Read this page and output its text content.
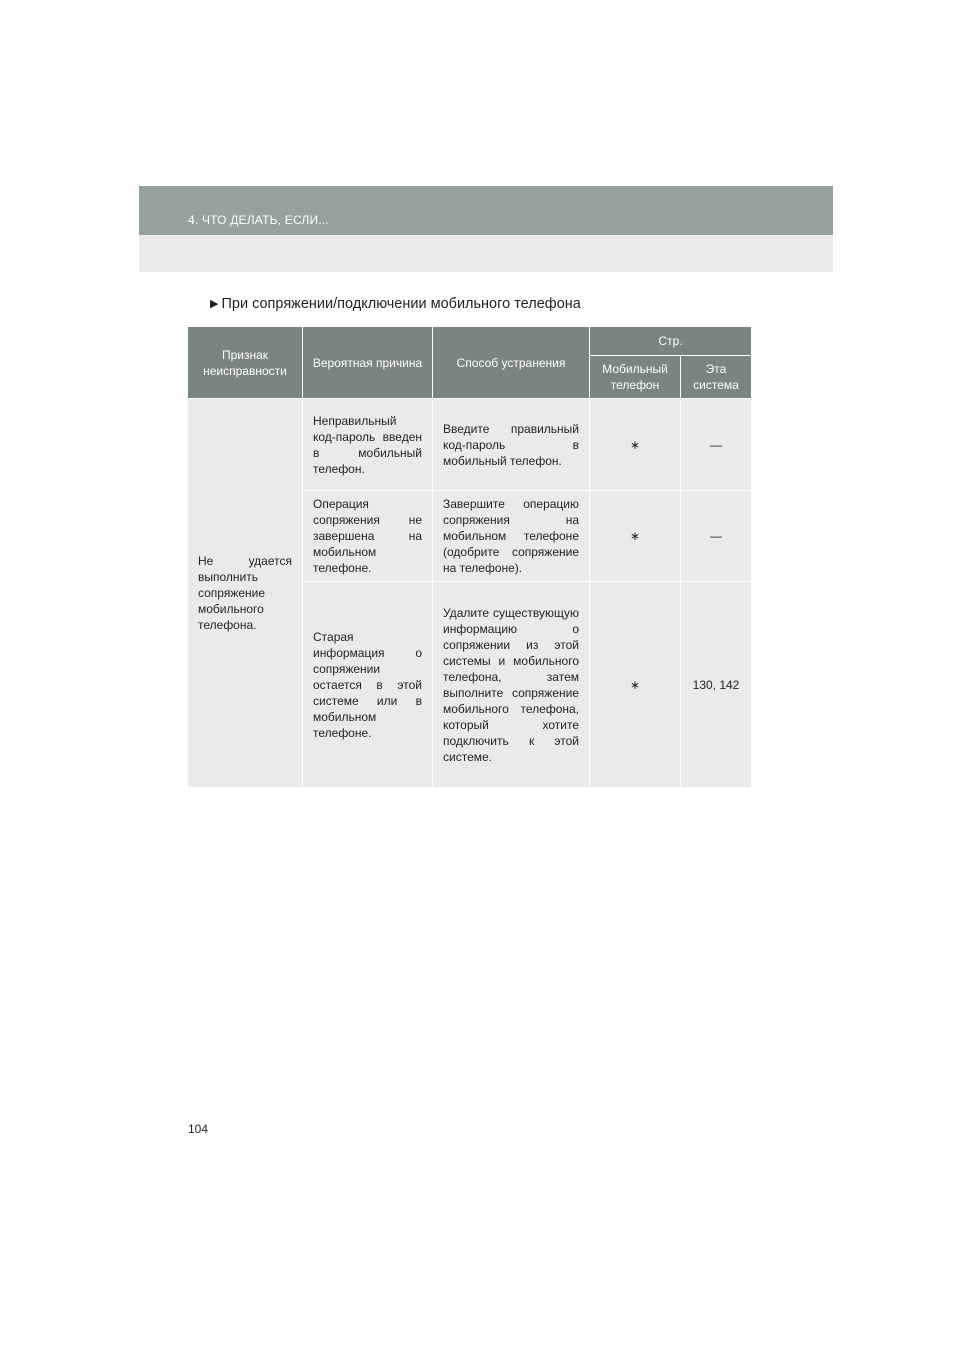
4. ЧТО ДЕЛАТЬ, ЕСЛИ...
▶ При сопряжении/подключении мобильного телефона
Признак неисправности	Вероятная причина	Способ устранения	Стр.	
			Мобильный телефон	Эта система
Не удается выполнить сопряжение мобильного телефона.	Неправильный код-пароль введен в мобильный телефон.	Введите правильный код-пароль в мобильный телефон.	∗	—
	Операция сопряжения не завершена на мобильном телефоне.	Завершите операцию сопряжения на мобильном телефоне (одобрите сопряжение на телефоне).	∗	—
	Старая информация о сопряжении остается в этой системе или в мобильном телефоне.	Удалите существующую информацию о сопряжении из этой системы и мобильного телефона, затем выполните сопряжение мобильного телефона, который хотите подключить к этой системе.	∗	130, 142
104
